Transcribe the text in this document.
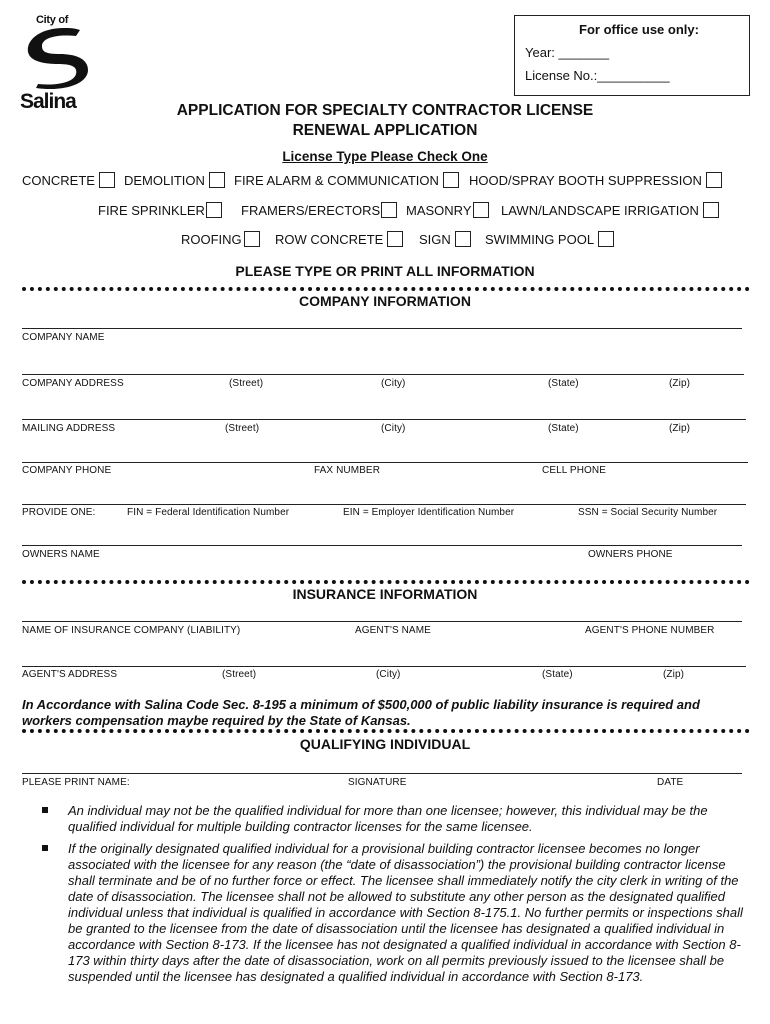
City of
Salina
For office use only:
Year: _______
License No.:__________
APPLICATION FOR SPECIALTY CONTRACTOR LICENSE
RENEWAL APPLICATION
License Type Please Check One
CONCRETE	DEMOLITION	FIRE ALARM & COMMUNICATION	HOOD/SPRAY BOOTH SUPPRESSION
FIRE SPRINKLER	FRAMERS/ERECTORS	MASONRY	LAWN/LANDSCAPE IRRIGATION
ROOFING	ROW CONCRETE	SIGN	SWIMMING POOL
PLEASE TYPE OR PRINT ALL INFORMATION
COMPANY INFORMATION
COMPANY NAME
COMPANY ADDRESS	(Street)	(City)	(State)	(Zip)
MAILING ADDRESS	(Street)	(City)	(State)	(Zip)
COMPANY PHONE	FAX NUMBER	CELL PHONE
PROVIDE ONE:	FIN = Federal Identification Number	EIN = Employer Identification Number	SSN = Social Security Number
OWNERS NAME	OWNERS PHONE
INSURANCE INFORMATION
NAME OF INSURANCE COMPANY (LIABILITY)	AGENT'S NAME	AGENT'S PHONE NUMBER
AGENT'S ADDRESS	(Street)	(City)	(State)	(Zip)
In Accordance with Salina Code Sec. 8-195 a minimum of $500,000 of public liability insurance is required and workers compensation maybe required by the State of Kansas.
QUALIFYING INDIVIDUAL
PLEASE PRINT NAME:	SIGNATURE	DATE
An individual may not be the qualified individual for more than one licensee; however, this individual may be the qualified individual for multiple building contractor licenses for the same licensee.
If the originally designated qualified individual for a provisional building contractor licensee becomes no longer associated with the licensee for any reason (the “date of disassociation”) the provisional building contractor license shall terminate and be of no further force or effect. The licensee shall immediately notify the city clerk in writing of the date of disassociation. The licensee shall not be allowed to substitute any other person as the designated qualified individual unless that individual is qualified in accordance with Section 8-175.1. No further permits or inspections shall be granted to the licensee from the date of disassociation until the licensee has designated a qualified individual in accordance with Section 8-173. If the licensee has not designated a qualified individual in accordance with Section 8-173 within thirty days after the date of disassociation, work on all permits previously issued to the licensee shall be suspended until the licensee has designated a qualified individual in accordance with Section 8-173.
